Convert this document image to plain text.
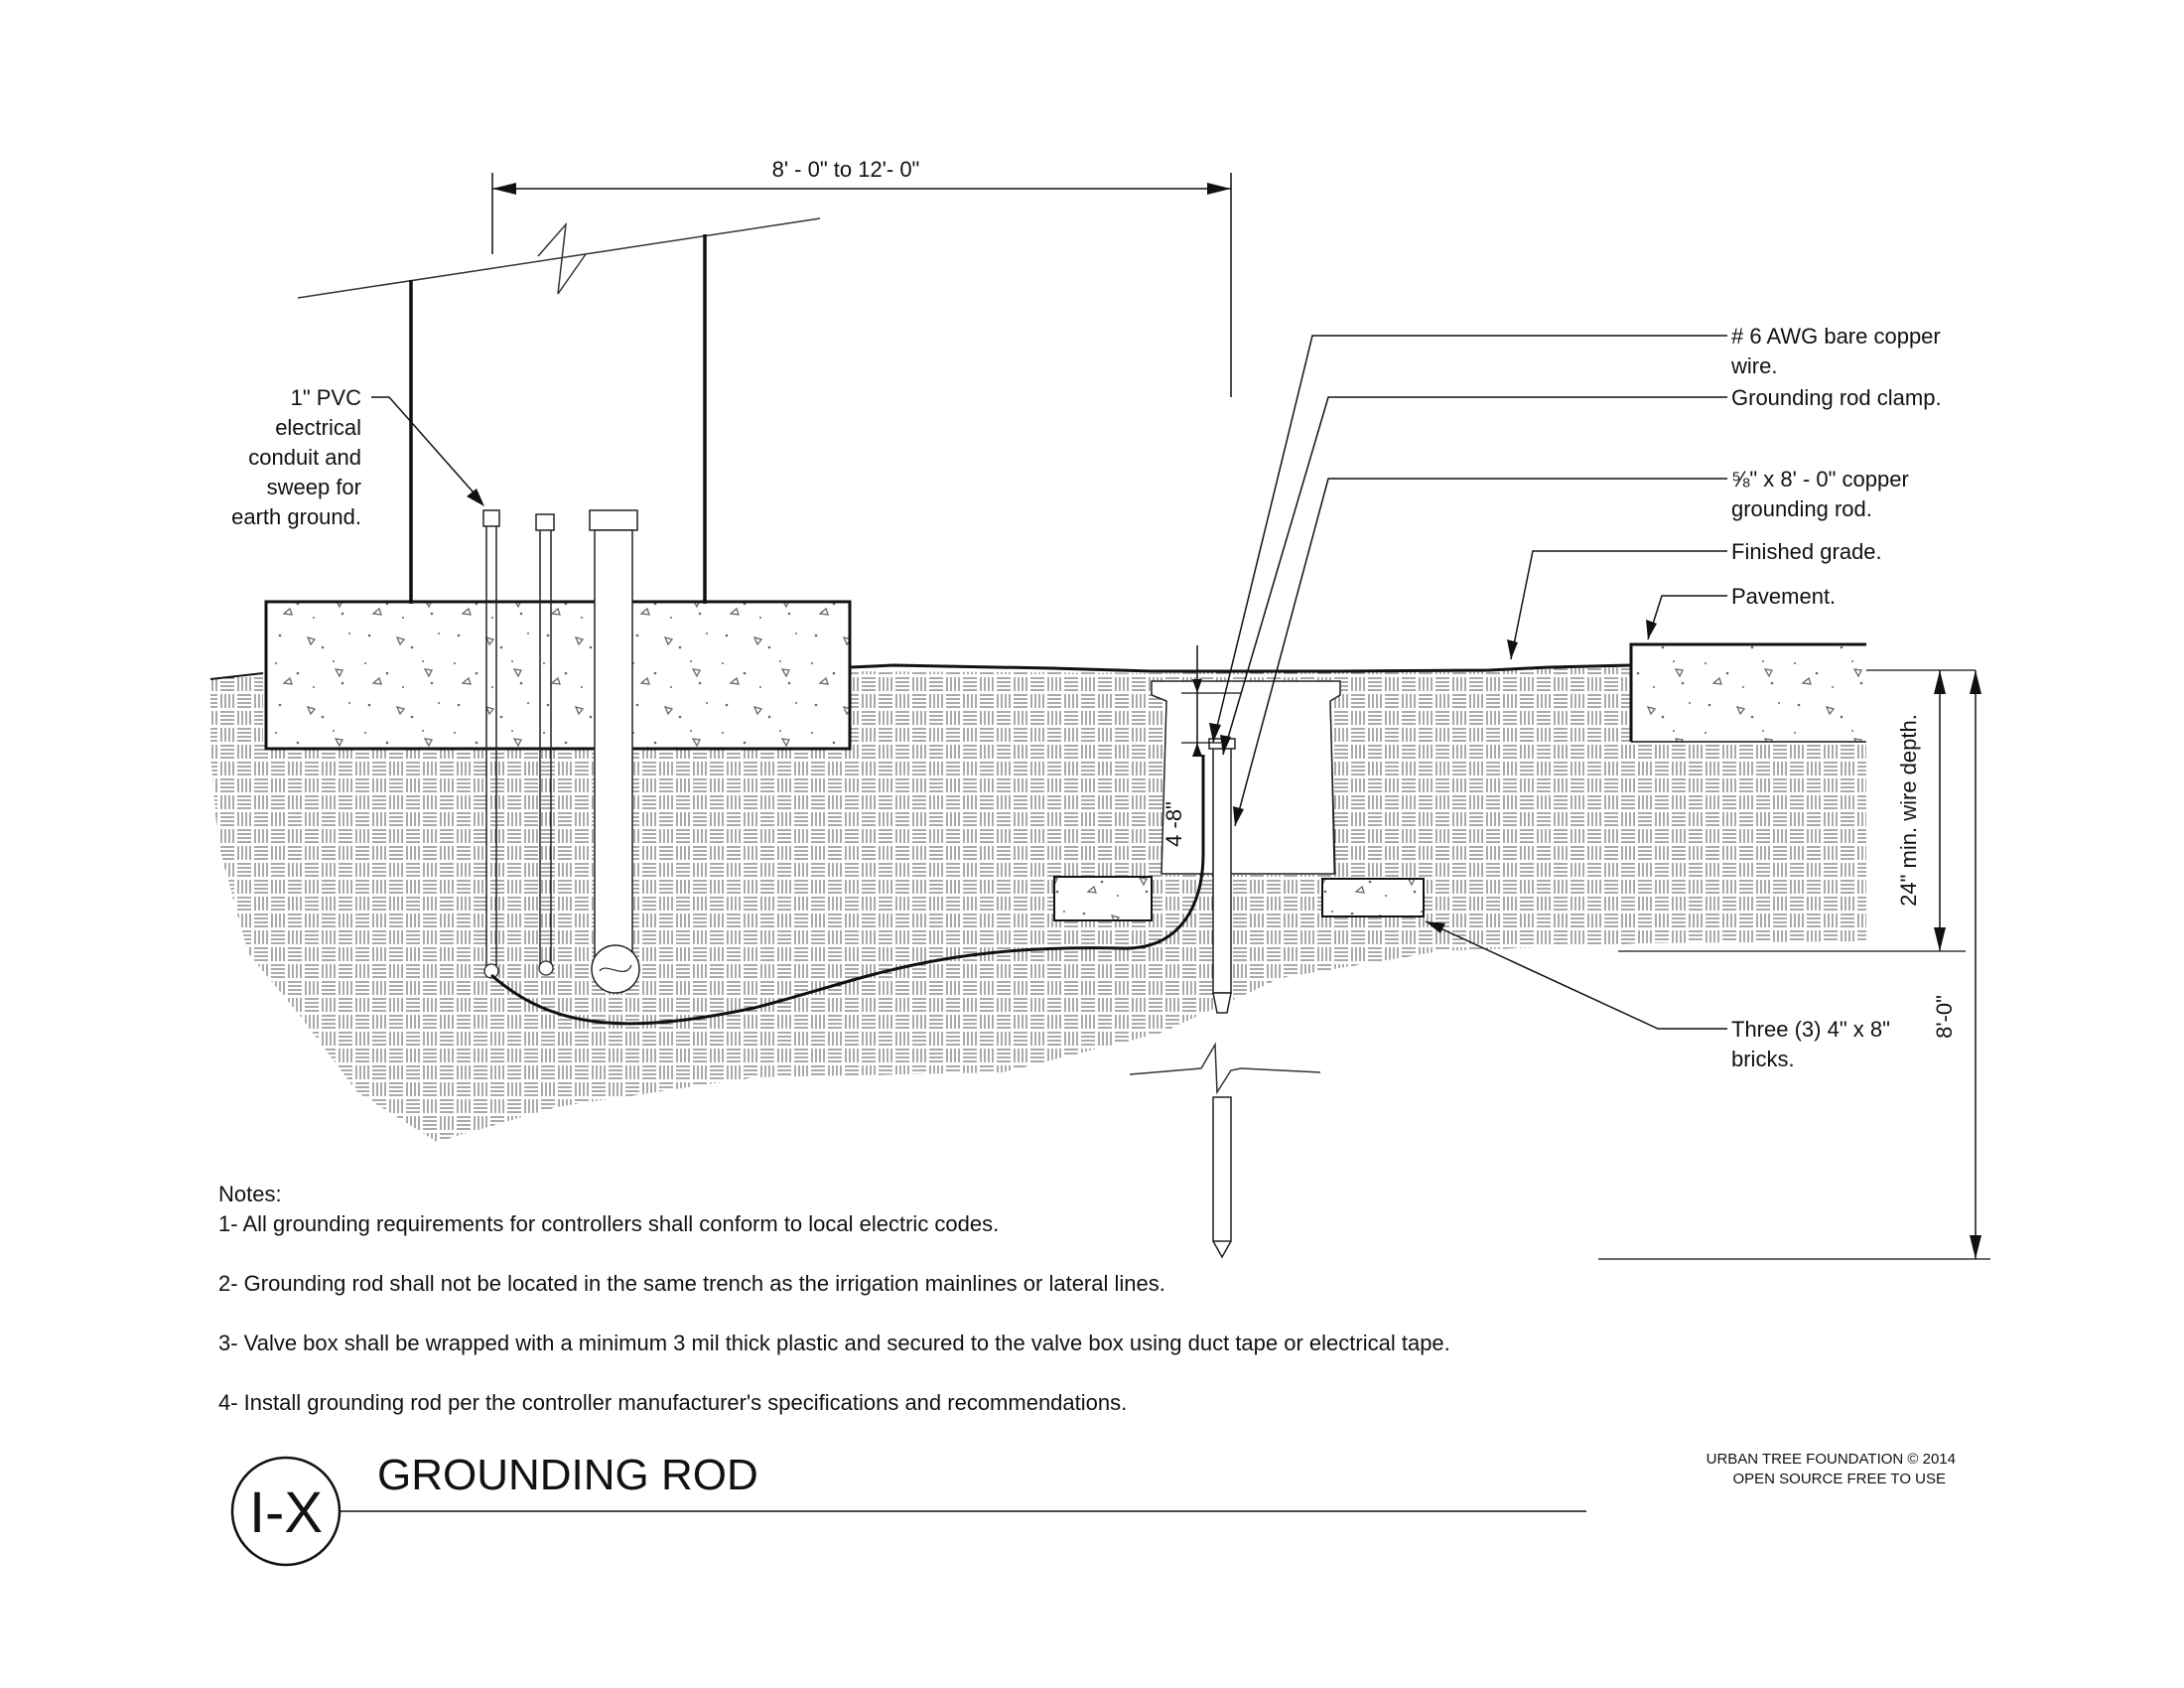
8' - 0" to 12'- 0"
4 -8"	24" min. wire depth.
8'-0"
1" PVC
electrical
conduit and
sweep for
earth ground.
# 6 AWG bare copper
wire.
Grounding rod clamp.
⅝" x 8' - 0" copper
grounding rod.
Finished grade.
Pavement.
Three (3) 4" x 8"
bricks.
Notes:
1- All grounding requirements for controllers shall conform to local electric codes.
2- Grounding rod shall not be located in the same trench as the irrigation mainlines or lateral lines.
3- Valve box shall be wrapped with a minimum 3 mil thick plastic and secured to the valve box using duct tape or electrical tape.
4- Install grounding rod per the controller manufacturer's specifications and recommendations.
I-X
GROUNDING ROD	URBAN TREE FOUNDATION © 2014
OPEN SOURCE FREE TO USE
